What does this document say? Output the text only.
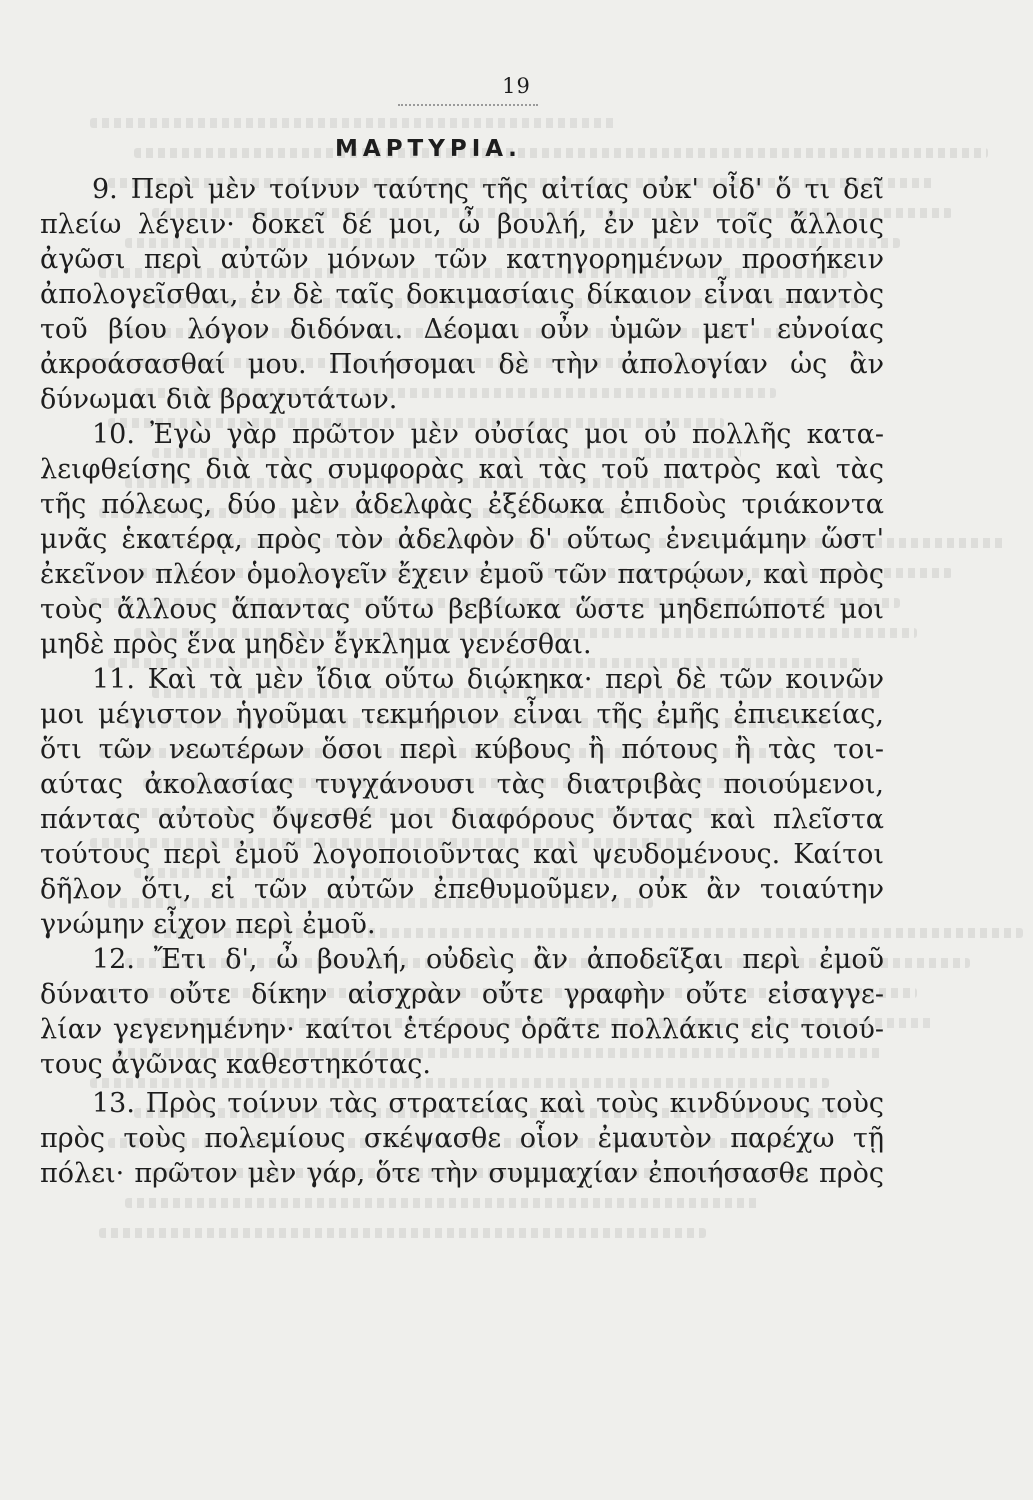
19
ΜΑΡΤΥΡΙΑ.
9. Περὶ μὲν τοίνυν ταύτης τῆς αἰτίας οὐκ' οἶδ' ὅ τι δεῖ
πλείω λέγειν· δοκεῖ δέ μοι, ὦ βουλή, ἐν μὲν τοῖς ἄλλοις
ἀγῶσι περὶ αὐτῶν μόνων τῶν κατηγορημένων προσήκειν
ἀπολογεῖσθαι, ἐν δὲ ταῖς δοκιμασίαις δίκαιον εἶναι παντὸς
τοῦ βίου λόγον διδόναι. Δέομαι οὖν ὑμῶν μετ' εὐνοίας
ἀκροάσασθαί μου. Ποιήσομαι δὲ τὴν ἀπολογίαν ὡς ἂν
δύνωμαι διὰ βραχυτάτων.
10. Ἐγὼ γὰρ πρῶτον μὲν οὐσίας μοι οὐ πολλῆς κατα-
λειφθείσης διὰ τὰς συμφορὰς καὶ τὰς τοῦ πατρὸς καὶ τὰς
τῆς πόλεως, δύο μὲν ἀδελφὰς ἐξέδωκα ἐπιδοὺς τριάκοντα
μνᾶς ἑκατέρᾳ, πρὸς τὸν ἀδελφὸν δ' οὕτως ἐνειμάμην ὥστ'
ἐκεῖνον πλέον ὁμολογεῖν ἔχειν ἐμοῦ τῶν πατρῴων, καὶ πρὸς
τοὺς ἄλλους ἅπαντας οὕτω βεβίωκα ὥστε μηδεπώποτέ μοι
μηδὲ πρὸς ἕνα μηδὲν ἔγκλημα γενέσθαι.
11. Καὶ τὰ μὲν ἴδια οὕτω διῴκηκα· περὶ δὲ τῶν κοινῶν
μοι μέγιστον ἡγοῦμαι τεκμήριον εἶναι τῆς ἐμῆς ἐπιεικείας,
ὅτι τῶν νεωτέρων ὅσοι περὶ κύβους ἢ πότους ἢ τὰς τοι-
αύτας ἀκολασίας τυγχάνουσι τὰς διατριβὰς ποιούμενοι,
πάντας αὐτοὺς ὄψεσθέ μοι διαφόρους ὄντας καὶ πλεῖστα
τούτους περὶ ἐμοῦ λογοποιοῦντας καὶ ψευδομένους. Καίτοι
δῆλον ὅτι, εἰ τῶν αὐτῶν ἐπεθυμοῦμεν, οὐκ ἂν τοιαύτην
γνώμην εἶχον περὶ ἐμοῦ.
12. Ἔτι δ', ὦ βουλή, οὐδεὶς ἂν ἀποδεῖξαι περὶ ἐμοῦ
δύναιτο οὔτε δίκην αἰσχρὰν οὔτε γραφὴν οὔτε εἰσαγγε-
λίαν γεγενημένην· καίτοι ἑτέρους ὁρᾶτε πολλάκις εἰς τοιού-
τους ἀγῶνας καθεστηκότας.
13. Πρὸς τοίνυν τὰς στρατείας καὶ τοὺς κινδύνους τοὺς
πρὸς τοὺς πολεμίους σκέψασθε οἷον ἐμαυτὸν παρέχω τῇ
πόλει· πρῶτον μὲν γάρ, ὅτε τὴν συμμαχίαν ἐποιήσασθε πρὸς
